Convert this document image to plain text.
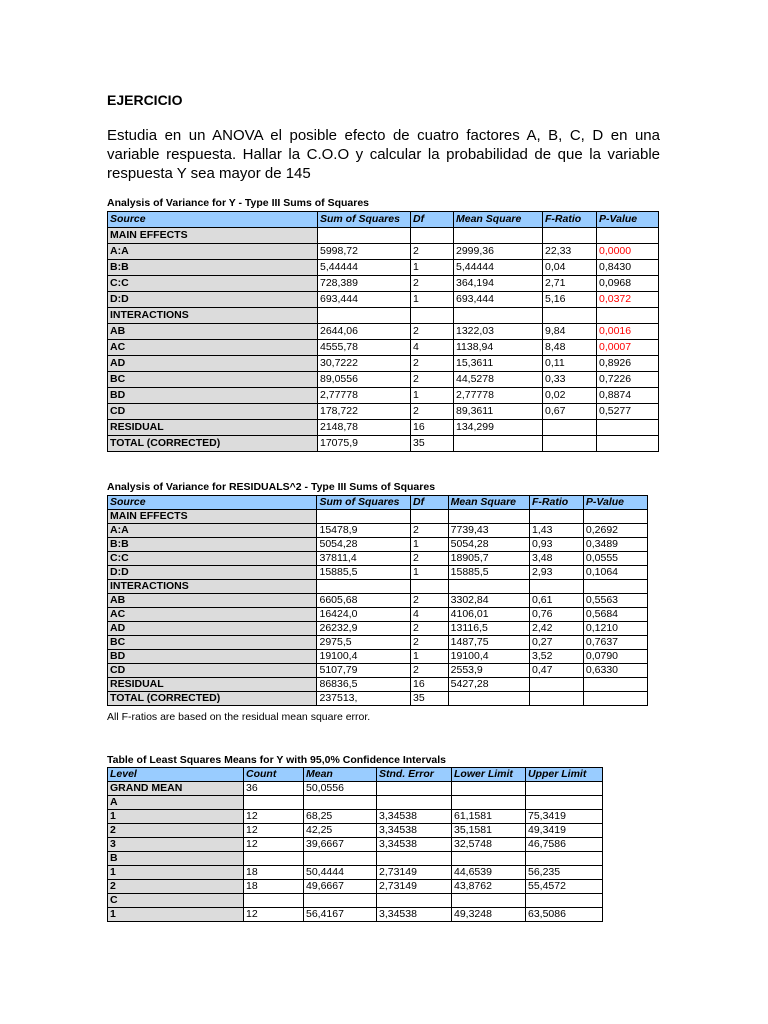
EJERCICIO
Estudia en un ANOVA el posible efecto de cuatro factores A, B, C, D en una variable respuesta. Hallar la C.O.O y calcular la probabilidad de que la variable respuesta Y sea mayor de 145
Analysis of Variance for Y - Type III Sums of Squares
Source	Sum of Squares	Df	Mean Square	F-Ratio	P-Value
MAIN EFFECTS					
A:A	5998,72	2	2999,36	22,33	0,0000
B:B	5,44444	1	5,44444	0,04	0,8430
C:C	728,389	2	364,194	2,71	0,0968
D:D	693,444	1	693,444	5,16	0,0372
INTERACTIONS					
AB	2644,06	2	1322,03	9,84	0,0016
AC	4555,78	4	1138,94	8,48	0,0007
AD	30,7222	2	15,3611	0,11	0,8926
BC	89,0556	2	44,5278	0,33	0,7226
BD	2,77778	1	2,77778	0,02	0,8874
CD	178,722	2	89,3611	0,67	0,5277
RESIDUAL	2148,78	16	134,299		
TOTAL (CORRECTED)	17075,9	35			
Analysis of Variance for RESIDUALS^2 - Type III Sums of Squares
Source	Sum of Squares	Df	Mean Square	F-Ratio	P-Value
MAIN EFFECTS					
A:A	15478,9	2	7739,43	1,43	0,2692
B:B	5054,28	1	5054,28	0,93	0,3489
C:C	37811,4	2	18905,7	3,48	0,0555
D:D	15885,5	1	15885,5	2,93	0,1064
INTERACTIONS					
AB	6605,68	2	3302,84	0,61	0,5563
AC	16424,0	4	4106,01	0,76	0,5684
AD	26232,9	2	13116,5	2,42	0,1210
BC	2975,5	2	1487,75	0,27	0,7637
BD	19100,4	1	19100,4	3,52	0,0790
CD	5107,79	2	2553,9	0,47	0,6330
RESIDUAL	86836,5	16	5427,28		
TOTAL (CORRECTED)	237513,	35			
All F-ratios are based on the residual mean square error.
Table of Least Squares Means for Y with 95,0% Confidence Intervals
Level	Count	Mean	Stnd. Error	Lower Limit	Upper Limit
GRAND MEAN	36	50,0556			
A					
1	12	68,25	3,34538	61,1581	75,3419
2	12	42,25	3,34538	35,1581	49,3419
3	12	39,6667	3,34538	32,5748	46,7586
B					
1	18	50,4444	2,73149	44,6539	56,235
2	18	49,6667	2,73149	43,8762	55,4572
C					
1	12	56,4167	3,34538	49,3248	63,5086
